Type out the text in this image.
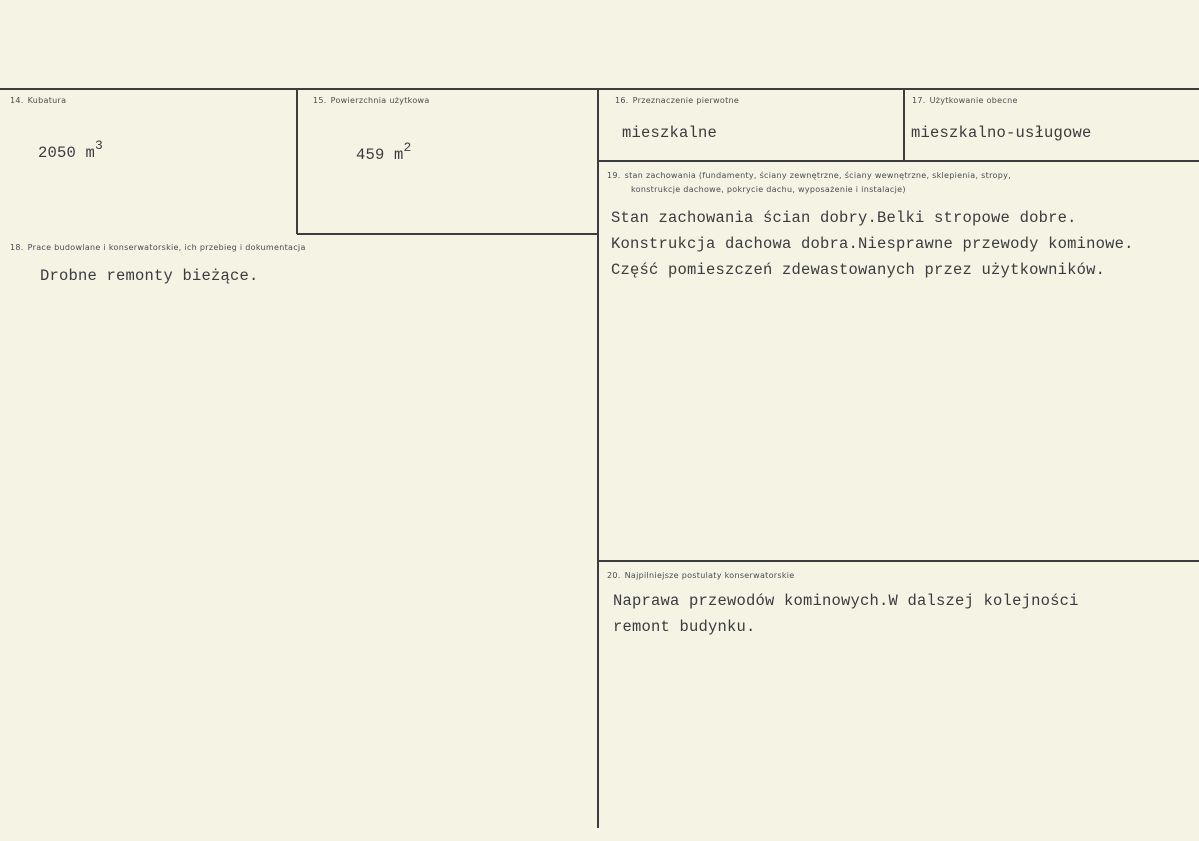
14. Kubatura
2050 $m^3$
15. Powierzchnia użytkowa
459 $m^2$
16. Przeznaczenie pierwotne
mieszkalne
17. Użytkowanie obecne
mieszkalno-usługowe
18. Prace budowlane i konserwatorskie, ich przebieg i dokumentacja
Drobne remonty bieżące.
19. stan zachowania (fundamenty, ściany zewnętrzne, ściany wewnętrzne, sklepienia, stropy,
konstrukcje dachowe, pokrycie dachu, wyposażenie i instalacje)
Stan zachowania ścian dobry.Belki stropowe dobre.
Konstrukcja dachowa dobra.Niesprawne przewody kominowe.
Część pomieszczeń zdewastowanych przez użytkowników.
20. Najpilniejsze postulaty konserwatorskie
Naprawa przewodów kominowych.W dalszej kolejności
remont budynku.
